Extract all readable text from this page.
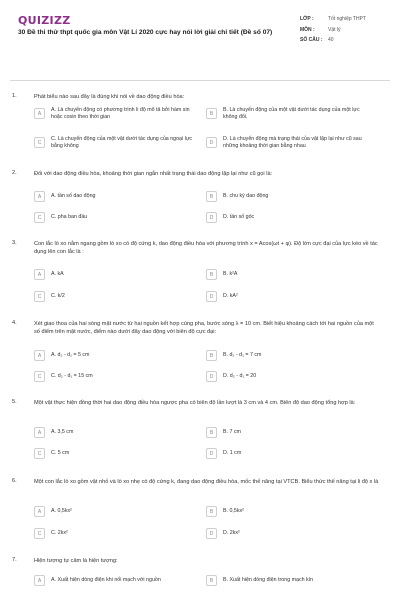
QUIZIZZ
30 Đề thi thử thpt quốc gia môn Vật Lí 2020 cực hay nói lời giải chi tiết (Đề số 07)
LỚP :	Tốt nghiệp THPT
MÔN :	Vật lý
SỐ CÂU :	40
1.	Phát biểu nào sau đây là đúng khi nói về dao động điều hòa:
A
A. Là chuyển động có phương trình li độ mô tả bởi hàm sin hoặc cosin theo thời gian
B
B. Là chuyển động của một vật dưới tác dụng của một lực không đổi.
C
C. Là chuyển động của một vật dưới tác dụng của ngoại lực bằng không
D
D. Là chuyển động mà trạng thái của vật lặp lại như cũ sau những khoảng thời gian bằng nhau
2.	Đối với dao động điều hòa, khoảng thời gian ngắn nhất trạng thái dao động lặp lại như cũ gọi là:
A	A. tần số dao động	B	B. chu kỳ dao động
C	C. pha ban đầu	D	D. tần số góc
3.	Con lắc lò xo nằm ngang gồm lò xo có độ cứng k, dao động điều hòa với phương trình x = Acos(ωt + φ). Độ lớn cực đại của lực kéo về tác dụng lên con lắc là :
A	A. kA	B	B. k²A
C	C. k/2	D	D. kA²
4.	Xét giao thoa của hai sóng mặt nước từ hai nguồn kết hợp cùng pha, bước sóng λ = 10 cm. Biết hiệu khoảng cách tới hai nguồn của một số điểm trên mặt nước, điểm nào dưới đây dao động với biên độ cực đại:
A	A. d₂ - d₁ = 5 cm	B	B. d₂ - d₁ = 7 cm
C	C. d₂ - d₁ = 15 cm	D	D. d₂ - d₁ = 20
5.	Một vật thực hiện đồng thời hai dao động điều hòa ngược pha có biên độ lần lượt là 3 cm và 4 cm. Biên độ dao động tổng hợp là:
A	A. 3,5 cm	B	B. 7 cm
C	C. 5 cm	D	D. 1 cm
6.	Một con lắc lò xo gồm vật nhỏ và lò xo nhẹ có độ cứng k, đang dao động điều hòa, mốc thế năng tại VTCB. Biểu thức thế năng tại li độ x là
A	A. 0,5kx²	B	B. 0,5kx²
C	C. 2kx²	D	D. 2kx²
7.	Hiện tượng tự cảm là hiện tượng:
A	A. Xuất hiện dòng điện khi nối mạch với nguồn	B	B. Xuất hiện dòng điện trong mạch kín
